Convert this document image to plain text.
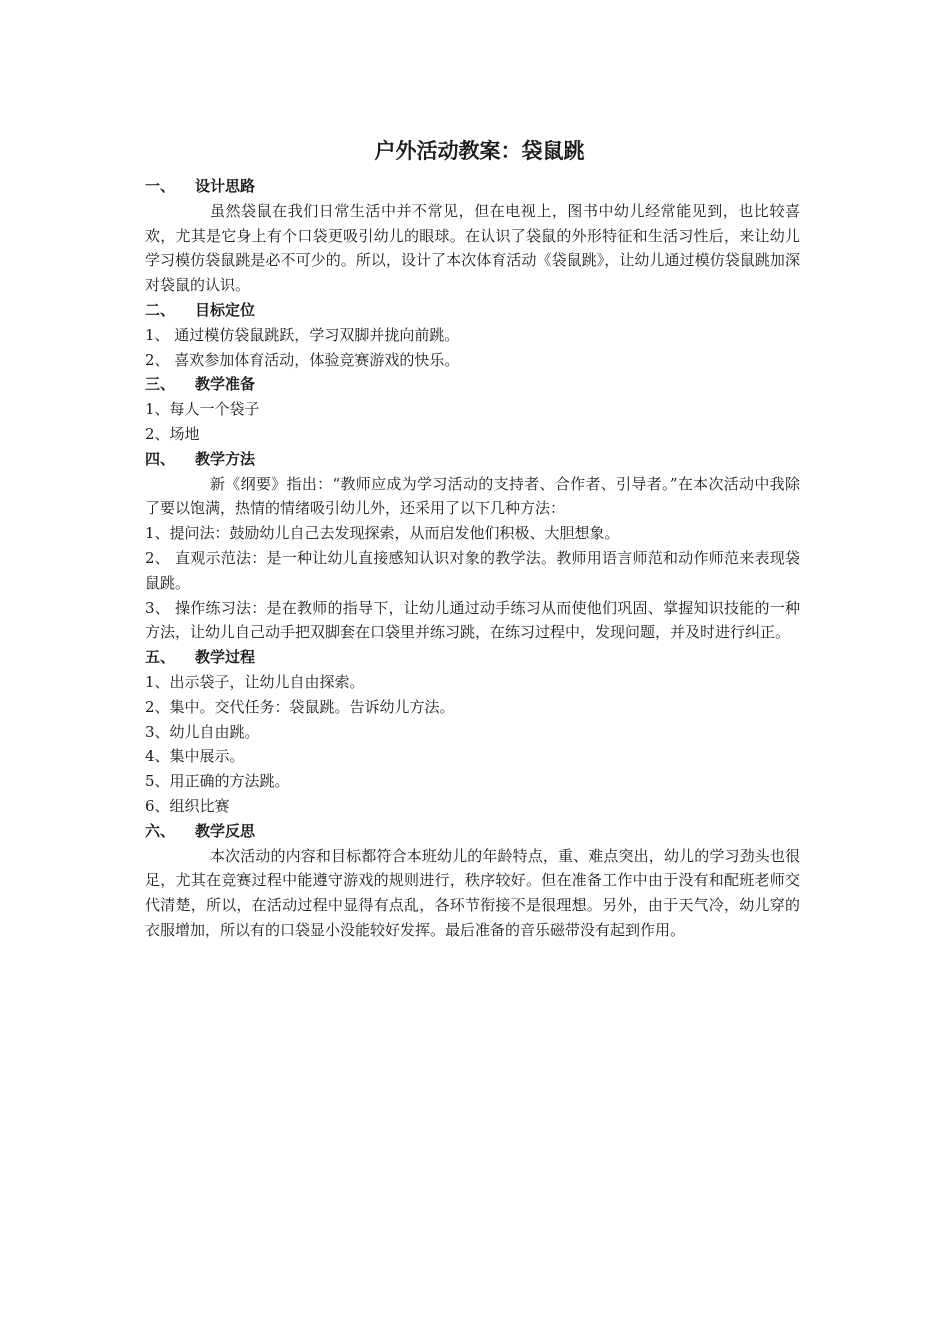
户外活动教案：袋鼠跳
一、	设计思路

虽然袋鼠在我们日常生活中并不常见，但在电视上，图书中幼儿经常能见到，也比较喜欢，尤其是它身上有个口袋更吸引幼儿的眼球。在认识了袋鼠的外形特征和生活习性后，来让幼儿学习模仿袋鼠跳是必不可少的。所以，设计了本次体育活动《袋鼠跳》，让幼儿通过模仿袋鼠跳加深对袋鼠的认识。

二、	目标定位

1、 通过模仿袋鼠跳跃，学习双脚并拢向前跳。

2、 喜欢参加体育活动，体验竞赛游戏的快乐。

三、	教学准备

1、每人一个袋子

2、场地

四、	教学方法

新《纲要》指出：“教师应成为学习活动的支持者、合作者、引导者。”在本次活动中我除了要以饱满，热情的情绪吸引幼儿外，还采用了以下几种方法：

1、提问法：鼓励幼儿自己去发现探索，从而启发他们积极、大胆想象。

2、 直观示范法：是一种让幼儿直接感知认识对象的教学法。教师用语言师范和动作师范来表现袋鼠跳。

3、 操作练习法：是在教师的指导下，让幼儿通过动手练习从而使他们巩固、掌握知识技能的一种方法，让幼儿自己动手把双脚套在口袋里并练习跳，在练习过程中，发现问题，并及时进行纠正。

五、	教学过程

1、出示袋子，让幼儿自由探索。

2、集中。交代任务：袋鼠跳。告诉幼儿方法。

3、幼儿自由跳。

4、集中展示。

5、用正确的方法跳。

6、组织比赛

六、	教学反思

本次活动的内容和目标都符合本班幼儿的年龄特点，重、难点突出，幼儿的学习劲头也很足，尤其在竞赛过程中能遵守游戏的规则进行，秩序较好。但在准备工作中由于没有和配班老师交代清楚，所以，在活动过程中显得有点乱，各环节衔接不是很理想。另外，由于天气冷，幼儿穿的衣服增加，所以有的口袋显小没能较好发挥。最后准备的音乐磁带没有起到作用。
